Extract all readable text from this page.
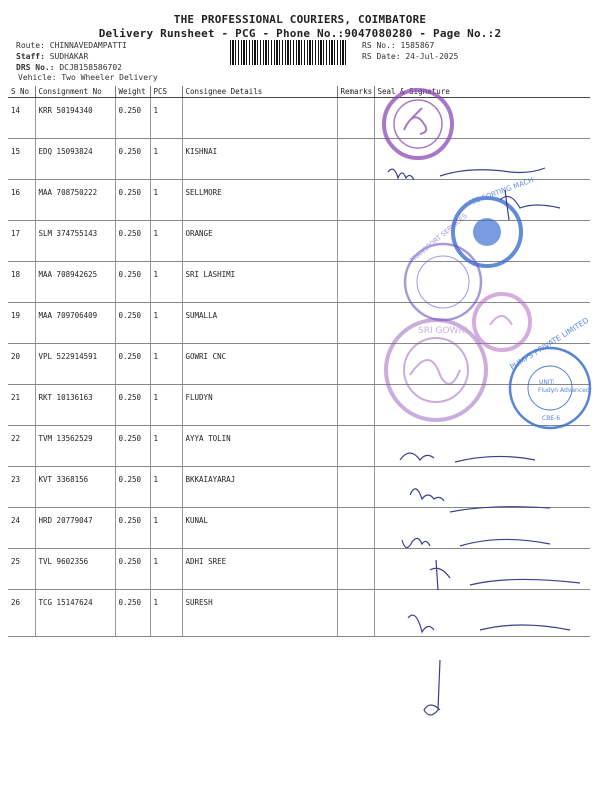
THE PROFESSIONAL COURIERS, COIMBATORE
Delivery Runsheet - PCG - Phone No.:9047080280 - Page No.:2
Route: CHINNAVEDAMPATTI
Staff: SUDHAKAR
DRS No.: DCJB158586702
Vehicle: Two Wheeler Delivery
RS No.: 1585867
RS Date: 24-Jul-2025
S No	Consignment No	Weight	PCS	Consignee Details	Remarks	Seal & Signature
14	KRR 50194340	0.250	1			
15	EDQ 15093824	0.250	1	KISHNAI		
16	MAA 708750222	0.250	1	SELLMORE		
17	SLM 374755143	0.250	1	ORANGE		
18	MAA 708942625	0.250	1	SRI LASHIMI		
19	MAA 709706409	0.250	1	SUMALLA		
20	VPL 522914591	0.250	1	GOWRI CNC		
21	RKT 10136163	0.250	1	FLUDYN		
22	TVM 13562529	0.250	1	AYYA TOLIN		
23	KVT 3368156	0.250	1	BKKAIAYARAJ		
24	HRD 20779047	0.250	1	KUNAL		
25	TVL 9602356	0.250	1	ADHI SREE		
26	TCG 15147624	0.250	1	SURESH		
ICE SORTING MACH
TRANSPORT SERVICES
SRI GOWRI	PUMPS PRIVATE LIMITED
UNIT:
Fludyn Advanced
CBE-6
